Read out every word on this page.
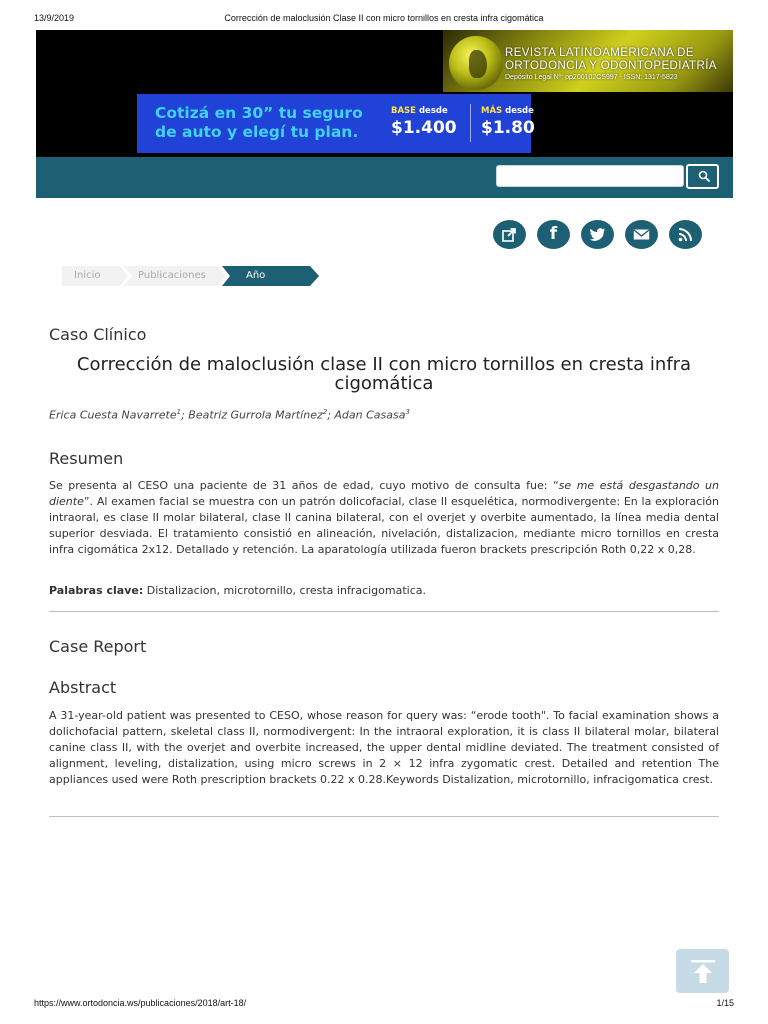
13/9/2019	Corrección de maloclusión Clase II con micro tornillos en cresta infra cigomática
REVISTA LATINOAMERICANA DE
ORTODONCIA Y ODONTOPEDIATRÍA
Depósito Legal Nº: pp200102CS997 - ISSN: 1317-5823
Cotizá en 30” tu seguro
de auto y elegí tu plan.
BASE desde
$1.400
MÁS desde
$1.80
f
Inicio	Publicaciones	Año 2018
Caso Clínico
Corrección de maloclusión clase II con micro tornillos en cresta infra cigomática
Erica Cuesta Navarrete$^1$; Beatriz Gurrola Martínez$^2$; Adan Casasa$^3$
Resumen
Se presenta al CESO una paciente de 31 años de edad, cuyo motivo de consulta fue: “se me está desgastando un diente”. Al examen facial se muestra con un patrón dolicofacial, clase II esquelética, normodivergente: En la exploración intraoral, es clase II molar bilateral, clase II canina bilateral, con el overjet y overbite aumentado, la línea media dental superior desviada. El tratamiento consistió en alineación, nivelación, distalizacion, mediante micro tornillos en cresta infra cigomática 2x12. Detallado y retención. La aparatología utilizada fueron brackets prescripción Roth 0,22 x 0,28.
Palabras clave: Distalizacion, microtornillo, cresta infracigomatica.
Case Report
Abstract
A 31-year-old patient was presented to CESO, whose reason for query was: “erode tooth". To facial examination shows a dolichofacial pattern, skeletal class II, normodivergent: In the intraoral exploration, it is class II bilateral molar, bilateral canine class II, with the overjet and overbite increased, the upper dental midline deviated. The treatment consisted of alignment, leveling, distalization, using micro screws in 2 × 12 infra zygomatic crest. Detailed and retention The appliances used were Roth prescription brackets 0.22 x 0.28.Keywords Distalization, microtornillo, infracigomatica crest.
https://www.ortodoncia.ws/publicaciones/2018/art-18/	1/15
